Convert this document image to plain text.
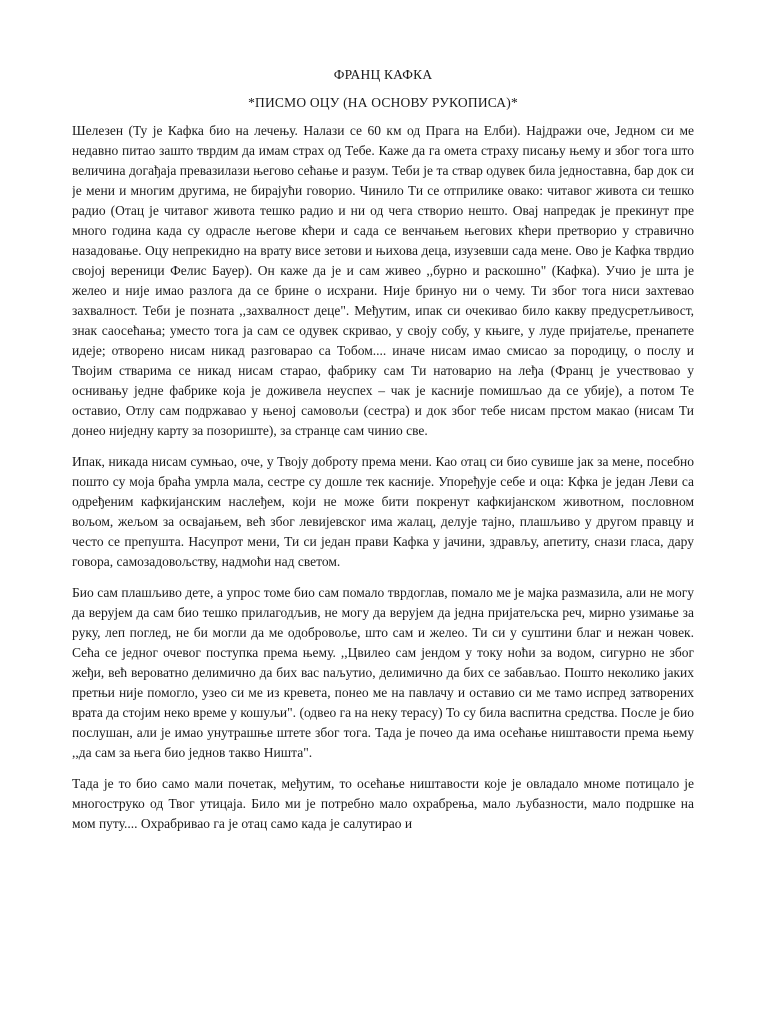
ФРАНЦ КАФКА
*ПИСМО ОЦУ (НА ОСНОВУ РУКОПИСА)*

Шелезен (Ту је Кафка био на лечењу. Налази се 60 км од Прага на Елби). Најдражи оче, Једном си ме недавно питао зашто тврдим да имам страх од Тебе. Каже да га омета страху писању њему и због тога што величина догађаја превазилази његово сећање и разум. Теби је та ствар одувек била једноставна, бар док си је мени и многим другима, не бирајући говорио. Чинило Ти се отприлике овако: читавог живота си тешко радио (Отац је читавог живота тешко радио и ни од чега створио нешто. Овај напредак је прекинут пре много година када су одрасле његове кћери и сада се венчањем његових кћери претворио у стравично назадовање. Оцу непрекидно на врату висе зетови и њихова деца, изузевши сада мене. Ово је Кафка тврдио својој вереници Фелис Бауер). Он каже да је и сам живео ,,бурно и раскошно" (Кафка). Учио је шта је желео и није имао разлога да се брине о исхрани. Није бринуо ни о чему. Ти због тога ниси захтевао захвалност. Теби је позната ,,захвалност деце". Међутим, ипак си очекивао било какву предусретљивост, знак саосећања; уместо тога ја сам се одувек скривао, у своју собу, у књиге, у луде пријатеље, пренапете идеје; отворено нисам никад разговарао са Тобом.... иначе нисам имао смисао за породицу, о послу и Твојим стварима се никад нисам старао, фабрику сам Ти натоварио на леђа (Франц је учествовао у оснивању једне фабрике која је доживела неуспех – чак је касније помишљао да се убије), а потом Те оставио, Отлу сам подржавао у њеној самовољи (сестра) и док због тебе нисам прстом макао (нисам Ти донео ниједну карту за позориште), за странце сам чинио све.

Ипак, никада нисам сумњао, оче, у Твоју доброту према мени. Као отац си био сувише јак за мене, посебно пошто су моја браћа умрла мала, сестре су дошле тек касније. Упоређује себе и оца: Кфка је један Леви са одређеним кафкијанским наслеђем, који не може бити покренут кафкијанском животном, пословном вољом, жељом за освајањем, већ због левијевског има жалац, делује тајно, плашљиво у другом правцу и често се препушта. Насупрот мени, Ти си један прави Кафка у јачини, здрављу, апетиту, снази гласа, дару говора, самозадовољству, надмоћи над светом.

Био сам плашљиво дете, а упрос томе био сам помало тврдоглав, помало ме је мајка размазила, али не могу да верујем да сам био тешко прилагодљив, не могу да верујем да једна пријатељска реч, мирно узимање за руку, леп поглед, не би могли да ме одобровоље, што сам и желео. Ти си у суштини благ и нежан човек. Сећа се једног очевог поступка према њему. ,,Цвилео сам јендом у току ноћи за водом, сигурно не због жеђи, већ вероватно делимично да бих вас naљутио, делимично да бих се забављао. Пошто неколико јаких претњи није помогло, узео си ме из кревета, понео ме на павлачу и оставио си ме тамо испред затворених врата да стојим неко време у кошуљи". (одвео га на неку терасу) То су била васпитна средства. После је био послушан, али је имао унутрашње штете због тога. Тада је почео да има осећање ништавости према њему ,,да сам за њега био једнов такво Ништа".

Тада је то био само мали почетак, међутим, то осећање ништавости које је овладало мноме потицало је многоструко од Твог утицаја. Било ми је потребно мало охрабрења, мало љубазности, мало подршке на мом путу.... Охрабривао га је отац само када је салутирао и
